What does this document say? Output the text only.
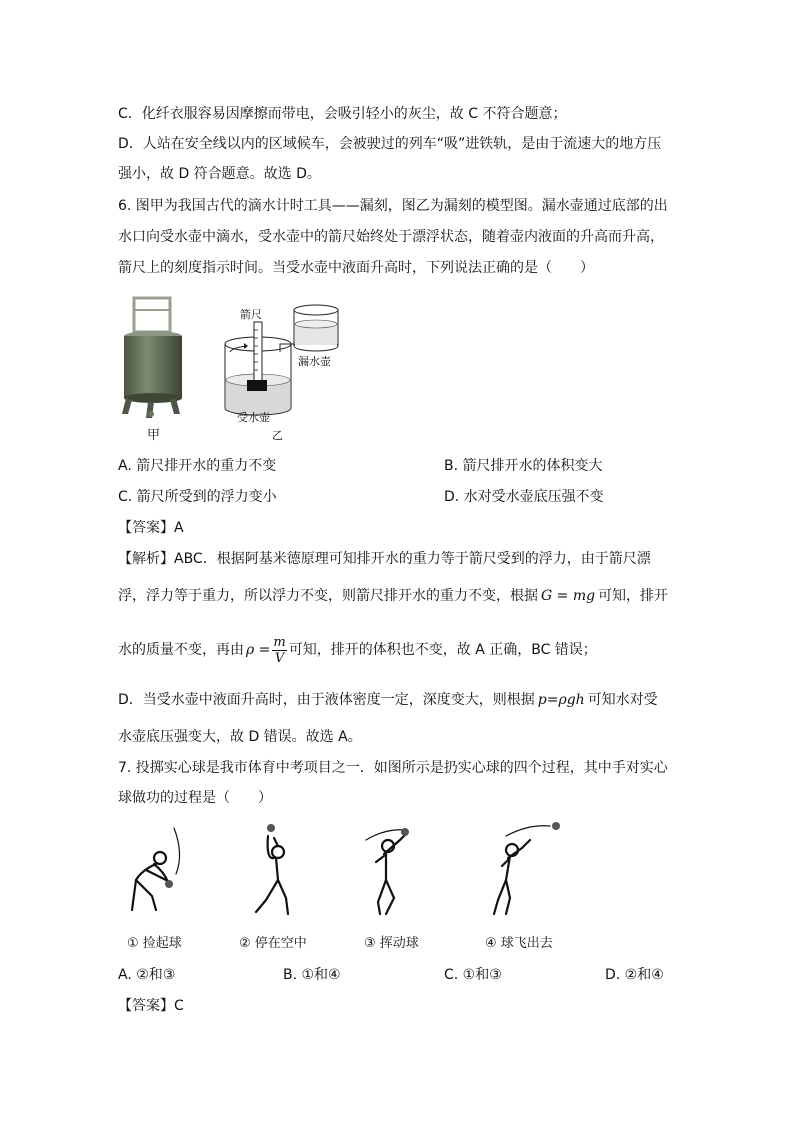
C．化纤衣服容易因摩擦而带电，会吸引轻小的灰尘，故 C 不符合题意；
D．人站在安全线以内的区域候车，会被驶过的列车“吸”进铁轨，是由于流速大的地方压
强小，故 D 符合题意。故选 D。
6. 图甲为我国古代的滴水计时工具——漏刻，图乙为漏刻的模型图。漏水壶通过底部的出
水口向受水壶中滴水，受水壶中的箭尺始终处于漂浮状态，随着壶内液面的升高而升高，
箭尺上的刻度指示时间。当受水壶中液面升高时，下列说法正确的是（　　）
甲
箭尺
漏水壶
受水壶
乙
A. 箭尺排开水的重力不变	B. 箭尺排开水的体积变大
C. 箭尺所受到的浮力变小	D. 水对受水壶底压强不变
【答案】A
【解析】ABC．根据阿基米德原理可知排开水的重力等于箭尺受到的浮力，由于箭尺漂
浮，浮力等于重力，所以浮力不变，则箭尺排开水的重力不变，根据 G = mg 可知，排开
水的质量不变，再由 $\rho = \frac{m}{V}$ 可知，排开的体积也不变，故 A 正确，BC 错误；
D．当受水壶中液面升高时，由于液体密度一定，深度变大，则根据 p=ρgh 可知水对受
水壶底压强变大，故 D 错误。故选 A。
7. 投掷实心球是我市体育中考项目之一．如图所示是扔实心球的四个过程，其中手对实心
球做功的过程是（　　）
① 捡起球	② 停在空中	③ 挥动球	④ 球飞出去
A. ②和③	B. ①和④	C. ①和③	D. ②和④
【答案】C
